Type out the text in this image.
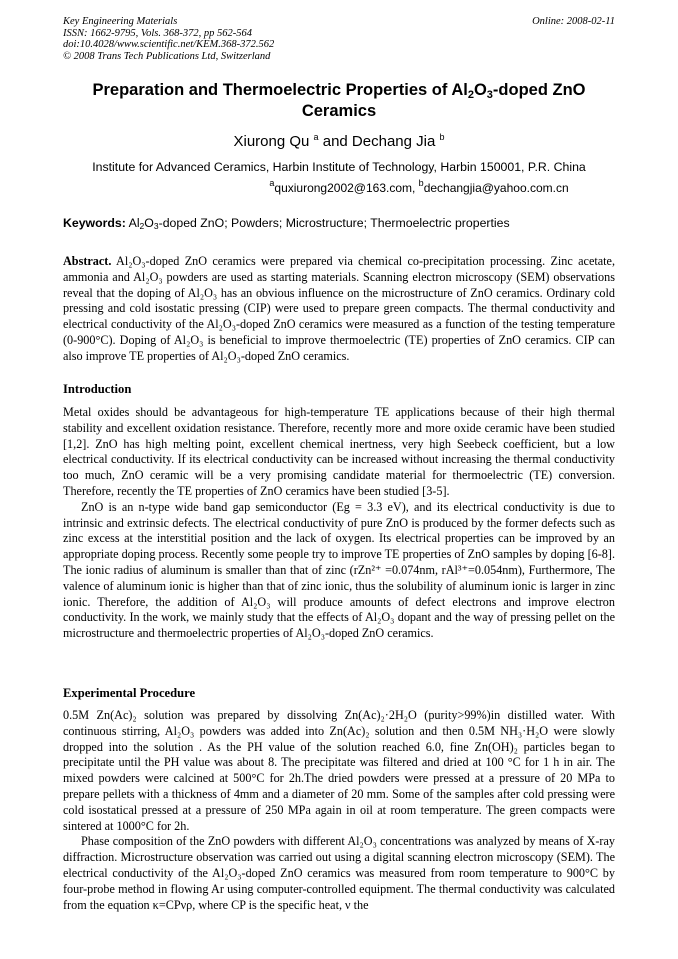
Key Engineering Materials
ISSN: 1662-9795, Vols. 368-372, pp 562-564
doi:10.4028/www.scientific.net/KEM.368-372.562
© 2008 Trans Tech Publications Ltd, Switzerland
Online: 2008-02-11
Preparation and Thermoelectric Properties of $Al_2O_3$-doped ZnO Ceramics
Xiurong Qu $^a$ and Dechang Jia $^b$
Institute for Advanced Ceramics, Harbin Institute of Technology, Harbin 150001, P.R. China
$^a$quxiurong2002@163.com, $^b$dechangjia@yahoo.com.cn
Keywords: $Al_2O_3$-doped ZnO; Powders; Microstructure; Thermoelectric properties

Abstract. Al₂O₃-doped ZnO ceramics were prepared via chemical co-precipitation processing. Zinc acetate, ammonia and Al₂O₃ powders are used as starting materials. Scanning electron microscopy (SEM) observations reveal that the doping of Al₂O₃ has an obvious influence on the microstructure of ZnO ceramics. Ordinary cold pressing and cold isostatic pressing (CIP) were used to prepare green compacts. The thermal conductivity and electrical conductivity of the Al₂O₃-doped ZnO ceramics were measured as a function of the testing temperature (0-900°C). Doping of Al₂O₃ is beneficial to improve thermoelectric (TE) properties of ZnO ceramics. CIP can also improve TE properties of Al₂O₃-doped ZnO ceramics.

Introduction

Metal oxides should be advantageous for high-temperature TE applications because of their high thermal stability and excellent oxidation resistance. Therefore, recently more and more oxide ceramic have been studied [1,2]. ZnO has high melting point, excellent chemical inertness, very high Seebeck coefficient, but a low electrical conductivity. If its electrical conductivity can be increased without increasing the thermal conductivity too much, ZnO ceramic will be a very promising candidate material for thermoelectric (TE) conversion. Therefore, recently the TE properties of ZnO ceramics have been studied [3-5].

ZnO is an n-type wide band gap semiconductor (Eg = 3.3 eV), and its electrical conductivity is due to intrinsic and extrinsic defects. The electrical conductivity of pure ZnO is produced by the former defects such as zinc excess at the interstitial position and the lack of oxygen. Its electrical properties can be improved by an appropriate doping process. Recently some people try to improve TE properties of ZnO samples by doping [6-8]. The ionic radius of aluminum is smaller than that of zinc (rZn²⁺ =0.074nm, rAl³⁺=0.054nm), Furthermore, The valence of aluminum ionic is higher than that of zinc ionic, thus the solubility of aluminum ionic is larger in zinc ionic. Therefore, the addition of Al₂O₃ will produce amounts of defect electrons and improve electron conductivity. In the work, we mainly study that the effects of Al₂O₃ dopant and the way of pressing pellet on the microstructure and thermoelectric properties of Al₂O₃-doped ZnO ceramics.

Experimental Procedure

0.5M Zn(Ac)₂ solution was prepared by dissolving Zn(Ac)₂·2H₂O (purity>99%)in distilled water. With continuous stirring, Al₂O₃ powders was added into Zn(Ac)₂ solution and then 0.5M NH₃·H₂O were slowly dropped into the solution . As the PH value of the solution reached 6.0, fine Zn(OH)₂ particles began to precipitate until the PH value was about 8. The precipitate was filtered and dried at 100 °C for 1 h in air. The mixed powders were calcined at 500°C for 2h.The dried powders were pressed at a pressure of 20 MPa to prepare pellets with a thickness of 4mm and a diameter of 20 mm. Some of the samples after cold pressing were cold isostatical pressed at a pressure of 250 MPa again in oil at room temperature. The green compacts were sintered at 1000°C for 2h.

Phase composition of the ZnO powders with different Al₂O₃ concentrations was analyzed by means of X-ray diffraction. Microstructure observation was carried out using a digital scanning electron microscopy (SEM). The electrical conductivity of the Al₂O₃-doped ZnO ceramics was measured from room temperature to 900°C by four-probe method in flowing Ar using computer-controlled equipment. The thermal conductivity was calculated from the equation κ=CPνρ, where CP is the specific heat, ν the
